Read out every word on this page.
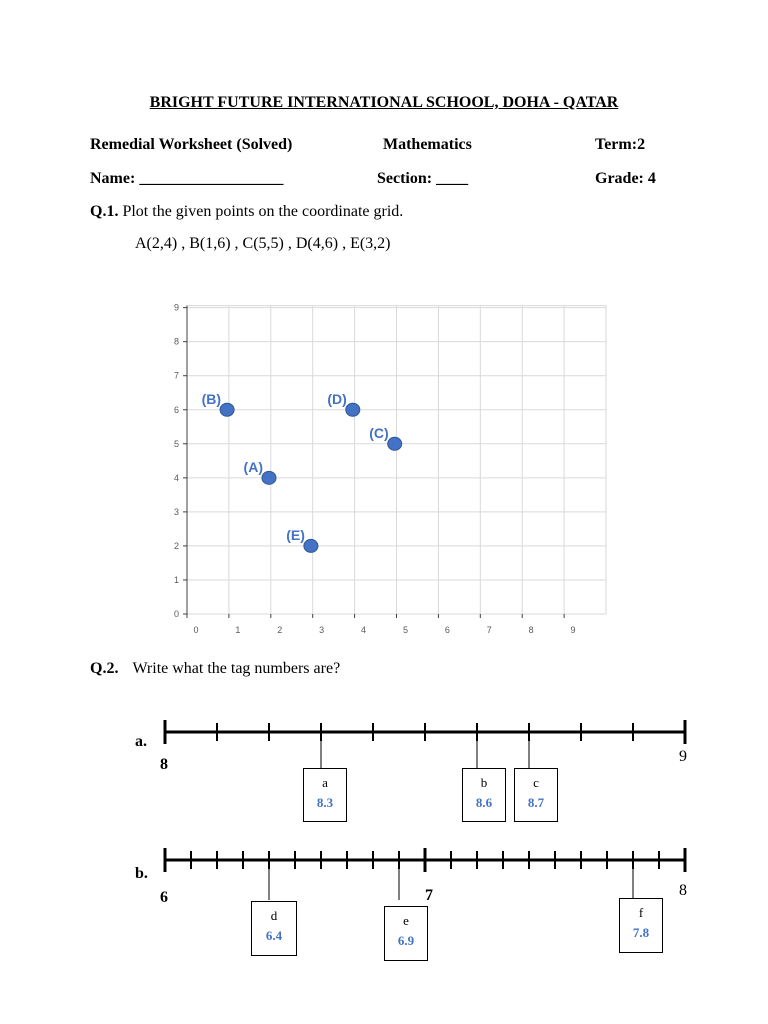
BRIGHT FUTURE INTERNATIONAL SCHOOL, DOHA - QATAR
Remedial Worksheet (Solved)	Mathematics	Term:2
Name: __________________	Section: ____	Grade: 4
Q.1. Plot the given points on the coordinate grid.
A(2,4) , B(1,6) , C(5,5) , D(4,6) , E(3,2)
0
1
2
3
4
5
6
7
8
9
0	1	2	3	4	5	6	7	8	9
(A)
(B)
(C)
(D)
(E)
Q.2. Write what the tag numbers are?
a.
8	9
a
8.3
b
8.6
c
8.7
b.
6	7	8
d
6.4
e
6.9
f
7.8
